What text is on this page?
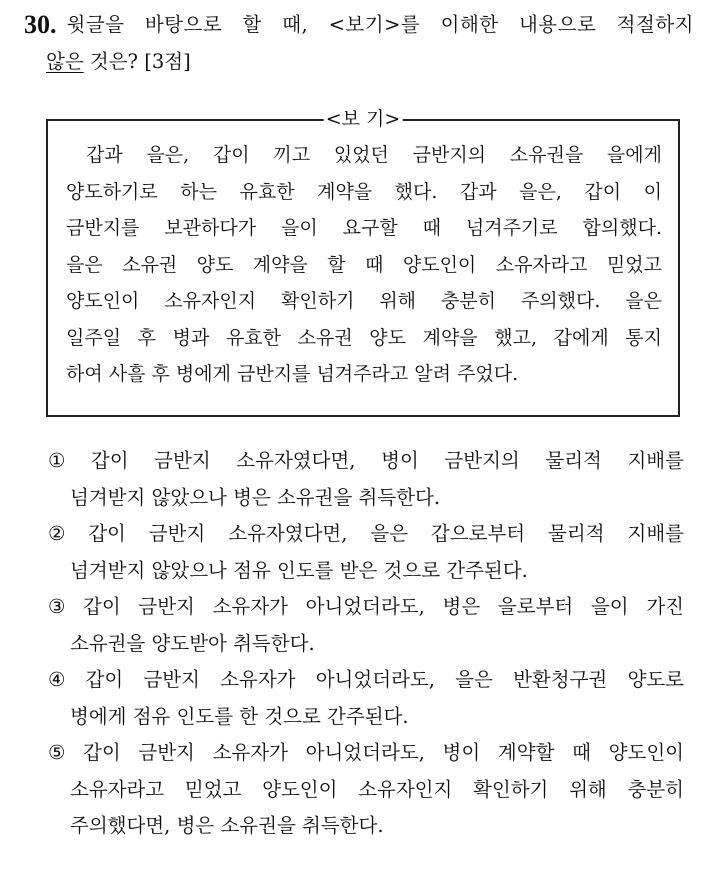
30. 윗글을 바탕으로 할 때, <보기>를 이해한 내용으로 적절하지
않은 것은? [3점]
<보 기>
갑과 을은, 갑이 끼고 있었던 금반지의 소유권을 을에게
양도하기로 하는 유효한 계약을 했다. 갑과 을은, 갑이 이
금반지를 보관하다가 을이 요구할 때 넘겨주기로 합의했다.
을은 소유권 양도 계약을 할 때 양도인이 소유자라고 믿었고
양도인이 소유자인지 확인하기 위해 충분히 주의했다. 을은
일주일 후 병과 유효한 소유권 양도 계약을 했고, 갑에게 통지
하여 사흘 후 병에게 금반지를 넘겨주라고 알려 주었다.
① 갑이 금반지 소유자였다면, 병이 금반지의 물리적 지배를
넘겨받지 않았으나 병은 소유권을 취득한다.
② 갑이 금반지 소유자였다면, 을은 갑으로부터 물리적 지배를
넘겨받지 않았으나 점유 인도를 받은 것으로 간주된다.
③ 갑이 금반지 소유자가 아니었더라도, 병은 을로부터 을이 가진
소유권을 양도받아 취득한다.
④ 갑이 금반지 소유자가 아니었더라도, 을은 반환청구권 양도로
병에게 점유 인도를 한 것으로 간주된다.
⑤ 갑이 금반지 소유자가 아니었더라도, 병이 계약할 때 양도인이
소유자라고 믿었고 양도인이 소유자인지 확인하기 위해 충분히
주의했다면, 병은 소유권을 취득한다.
